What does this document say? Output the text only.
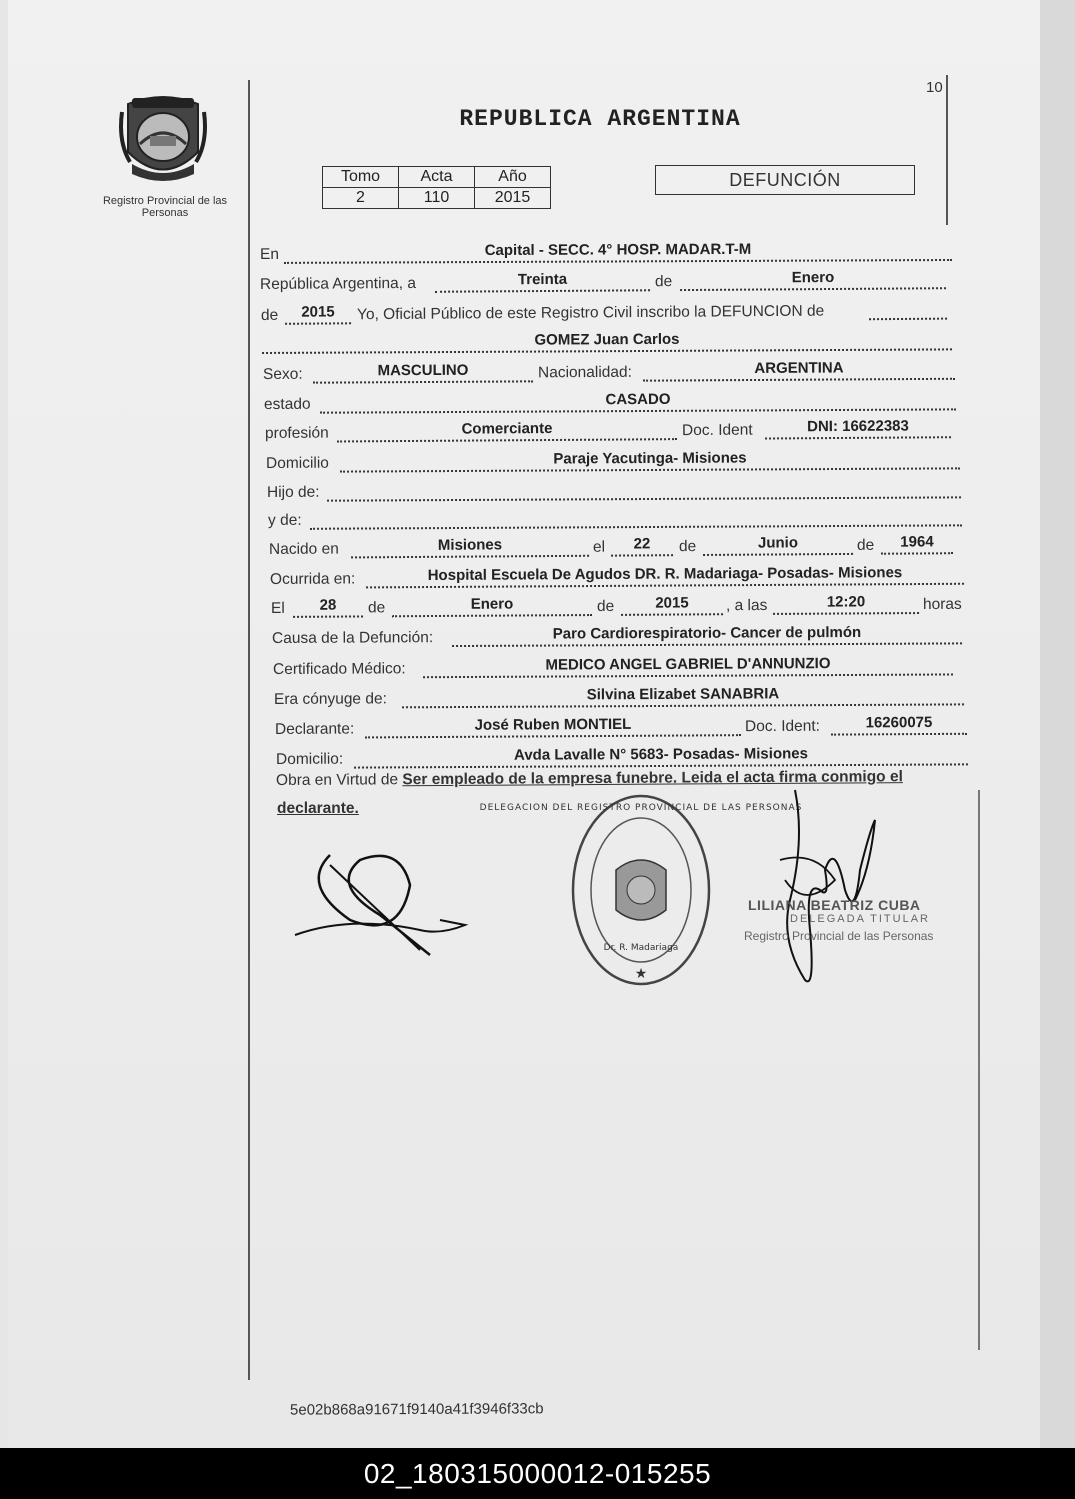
Registro Provincial de las Personas
10
REPUBLICA ARGENTINA
Tomo	Acta	Año
2	110	2015
DEFUNCIÓN
En	Capital - SECC. 4° HOSP. MADAR.T-M
República Argentina, a	Treinta	de	Enero
de	2015	Yo, Oficial Público de este Registro Civil inscribo la DEFUNCION de
GOMEZ Juan Carlos
Sexo:	MASCULINO	Nacionalidad:	ARGENTINA
estado	CASADO
profesión	Comerciante	Doc. Ident	DNI: 16622383
Domicilio	Paraje Yacutinga- Misiones
Hijo de:
y de:
Nacido en	Misiones	el	22	de	Junio	de	1964
Ocurrida en:	Hospital Escuela De Agudos DR. R. Madariaga- Posadas- Misiones
El	28	de	Enero	de	2015	, a las	12:20	horas
Causa de la Defunción:	Paro Cardiorespiratorio- Cancer de pulmón
Certificado Médico:	MEDICO ANGEL GABRIEL D'ANNUNZIO
Era cónyuge de:	Silvina Elizabet SANABRIA
Declarante:	José Ruben MONTIEL	Doc. Ident:	16260075
Domicilio:	Avda Lavalle N° 5683- Posadas- Misiones
Obra en Virtud de Ser empleado de la empresa funebre. Leida el acta firma conmigo el
declarante.
★
DELEGACION DEL REGISTRO PROVINCIAL DE LAS PERSONAS
Dr. R. Madariaga
LILIANA BEATRIZ CUBA
DELEGADA TITULAR
Registro Provincial de las Personas
5e02b868a91671f9140a41f3946f33cb
02_180315000012-015255
